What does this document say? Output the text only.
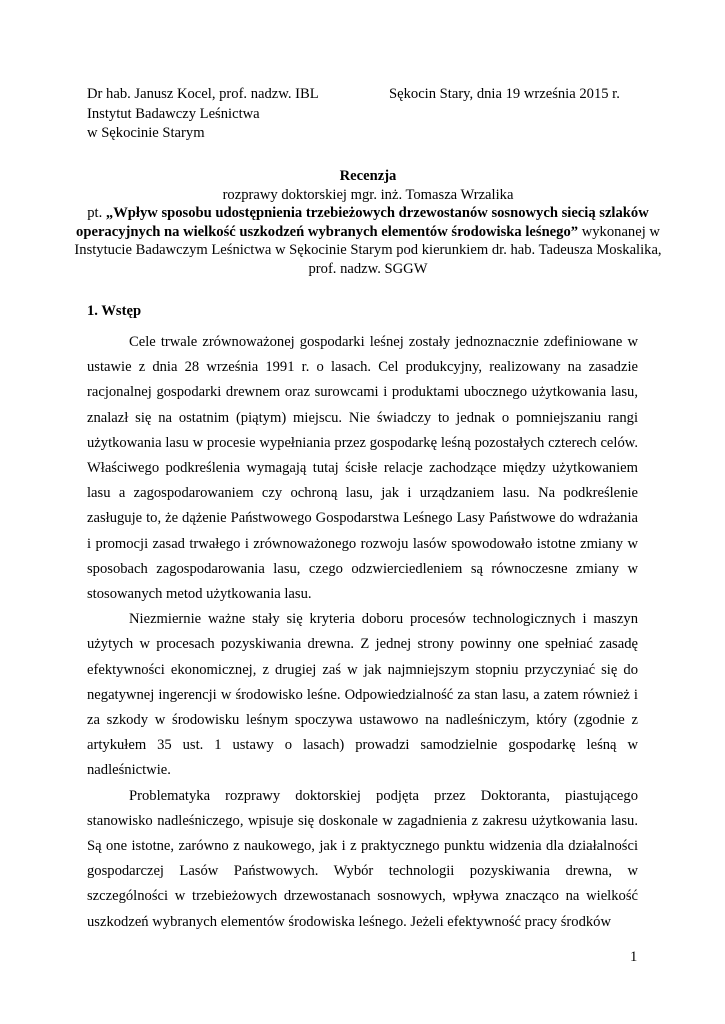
Dr hab. Janusz Kocel, prof. nadzw. IBL
Instytut Badawczy Leśnictwa
w Sękocinie Starym
Sękocin Stary, dnia 19 września 2015 r.
Recenzja
rozprawy doktorskiej mgr. inż. Tomasza Wrzalika
pt. „Wpływ sposobu udostępnienia trzebieżowych drzewostanów sosnowych siecią szlaków operacyjnych na wielkość uszkodzeń wybranych elementów środowiska leśnego” wykonanej w Instytucie Badawczym Leśnictwa w Sękocinie Starym pod kierunkiem dr. hab. Tadeusza Moskalika, prof. nadzw. SGGW
1. Wstęp

Cele trwale zrównoważonej gospodarki leśnej zostały jednoznacznie zdefiniowane w ustawie z dnia 28 września 1991 r. o lasach. Cel produkcyjny, realizowany na zasadzie racjonalnej gospodarki drewnem oraz surowcami i produktami ubocznego użytkowania lasu, znalazł się na ostatnim (piątym) miejscu. Nie świadczy to jednak o pomniejszaniu rangi użytkowania lasu w procesie wypełniania przez gospodarkę leśną pozostałych czterech celów. Właściwego podkreślenia wymagają tutaj ścisłe relacje zachodzące między użytkowaniem lasu a zagospodarowaniem czy ochroną lasu, jak i urządzaniem lasu. Na podkreślenie zasługuje to, że dążenie Państwowego Gospodarstwa Leśnego Lasy Państwowe do wdrażania i promocji zasad trwałego i zrównoważonego rozwoju lasów spowodowało istotne zmiany w sposobach zagospodarowania lasu, czego odzwierciedleniem są równoczesne zmiany w stosowanych metod użytkowania lasu.

Niezmiernie ważne stały się kryteria doboru procesów technologicznych i maszyn użytych w procesach pozyskiwania drewna. Z jednej strony powinny one spełniać zasadę efektywności ekonomicznej, z drugiej zaś w jak najmniejszym stopniu przyczyniać się do negatywnej ingerencji w środowisko leśne. Odpowiedzialność za stan lasu, a zatem również i za szkody w środowisku leśnym spoczywa ustawowo na nadleśniczym, który (zgodnie z artykułem 35 ust. 1 ustawy o lasach) prowadzi samodzielnie gospodarkę leśną w nadleśnictwie.

Problematyka rozprawy doktorskiej podjęta przez Doktoranta, piastującego stanowisko nadleśniczego, wpisuje się doskonale w zagadnienia z zakresu użytkowania lasu. Są one istotne, zarówno z naukowego, jak i z praktycznego punktu widzenia dla działalności gospodarczej Lasów Państwowych. Wybór technologii pozyskiwania drewna, w szczególności w trzebieżowych drzewostanach sosnowych, wpływa znacząco na wielkość uszkodzeń wybranych elementów środowiska leśnego. Jeżeli efektywność pracy środków

1
